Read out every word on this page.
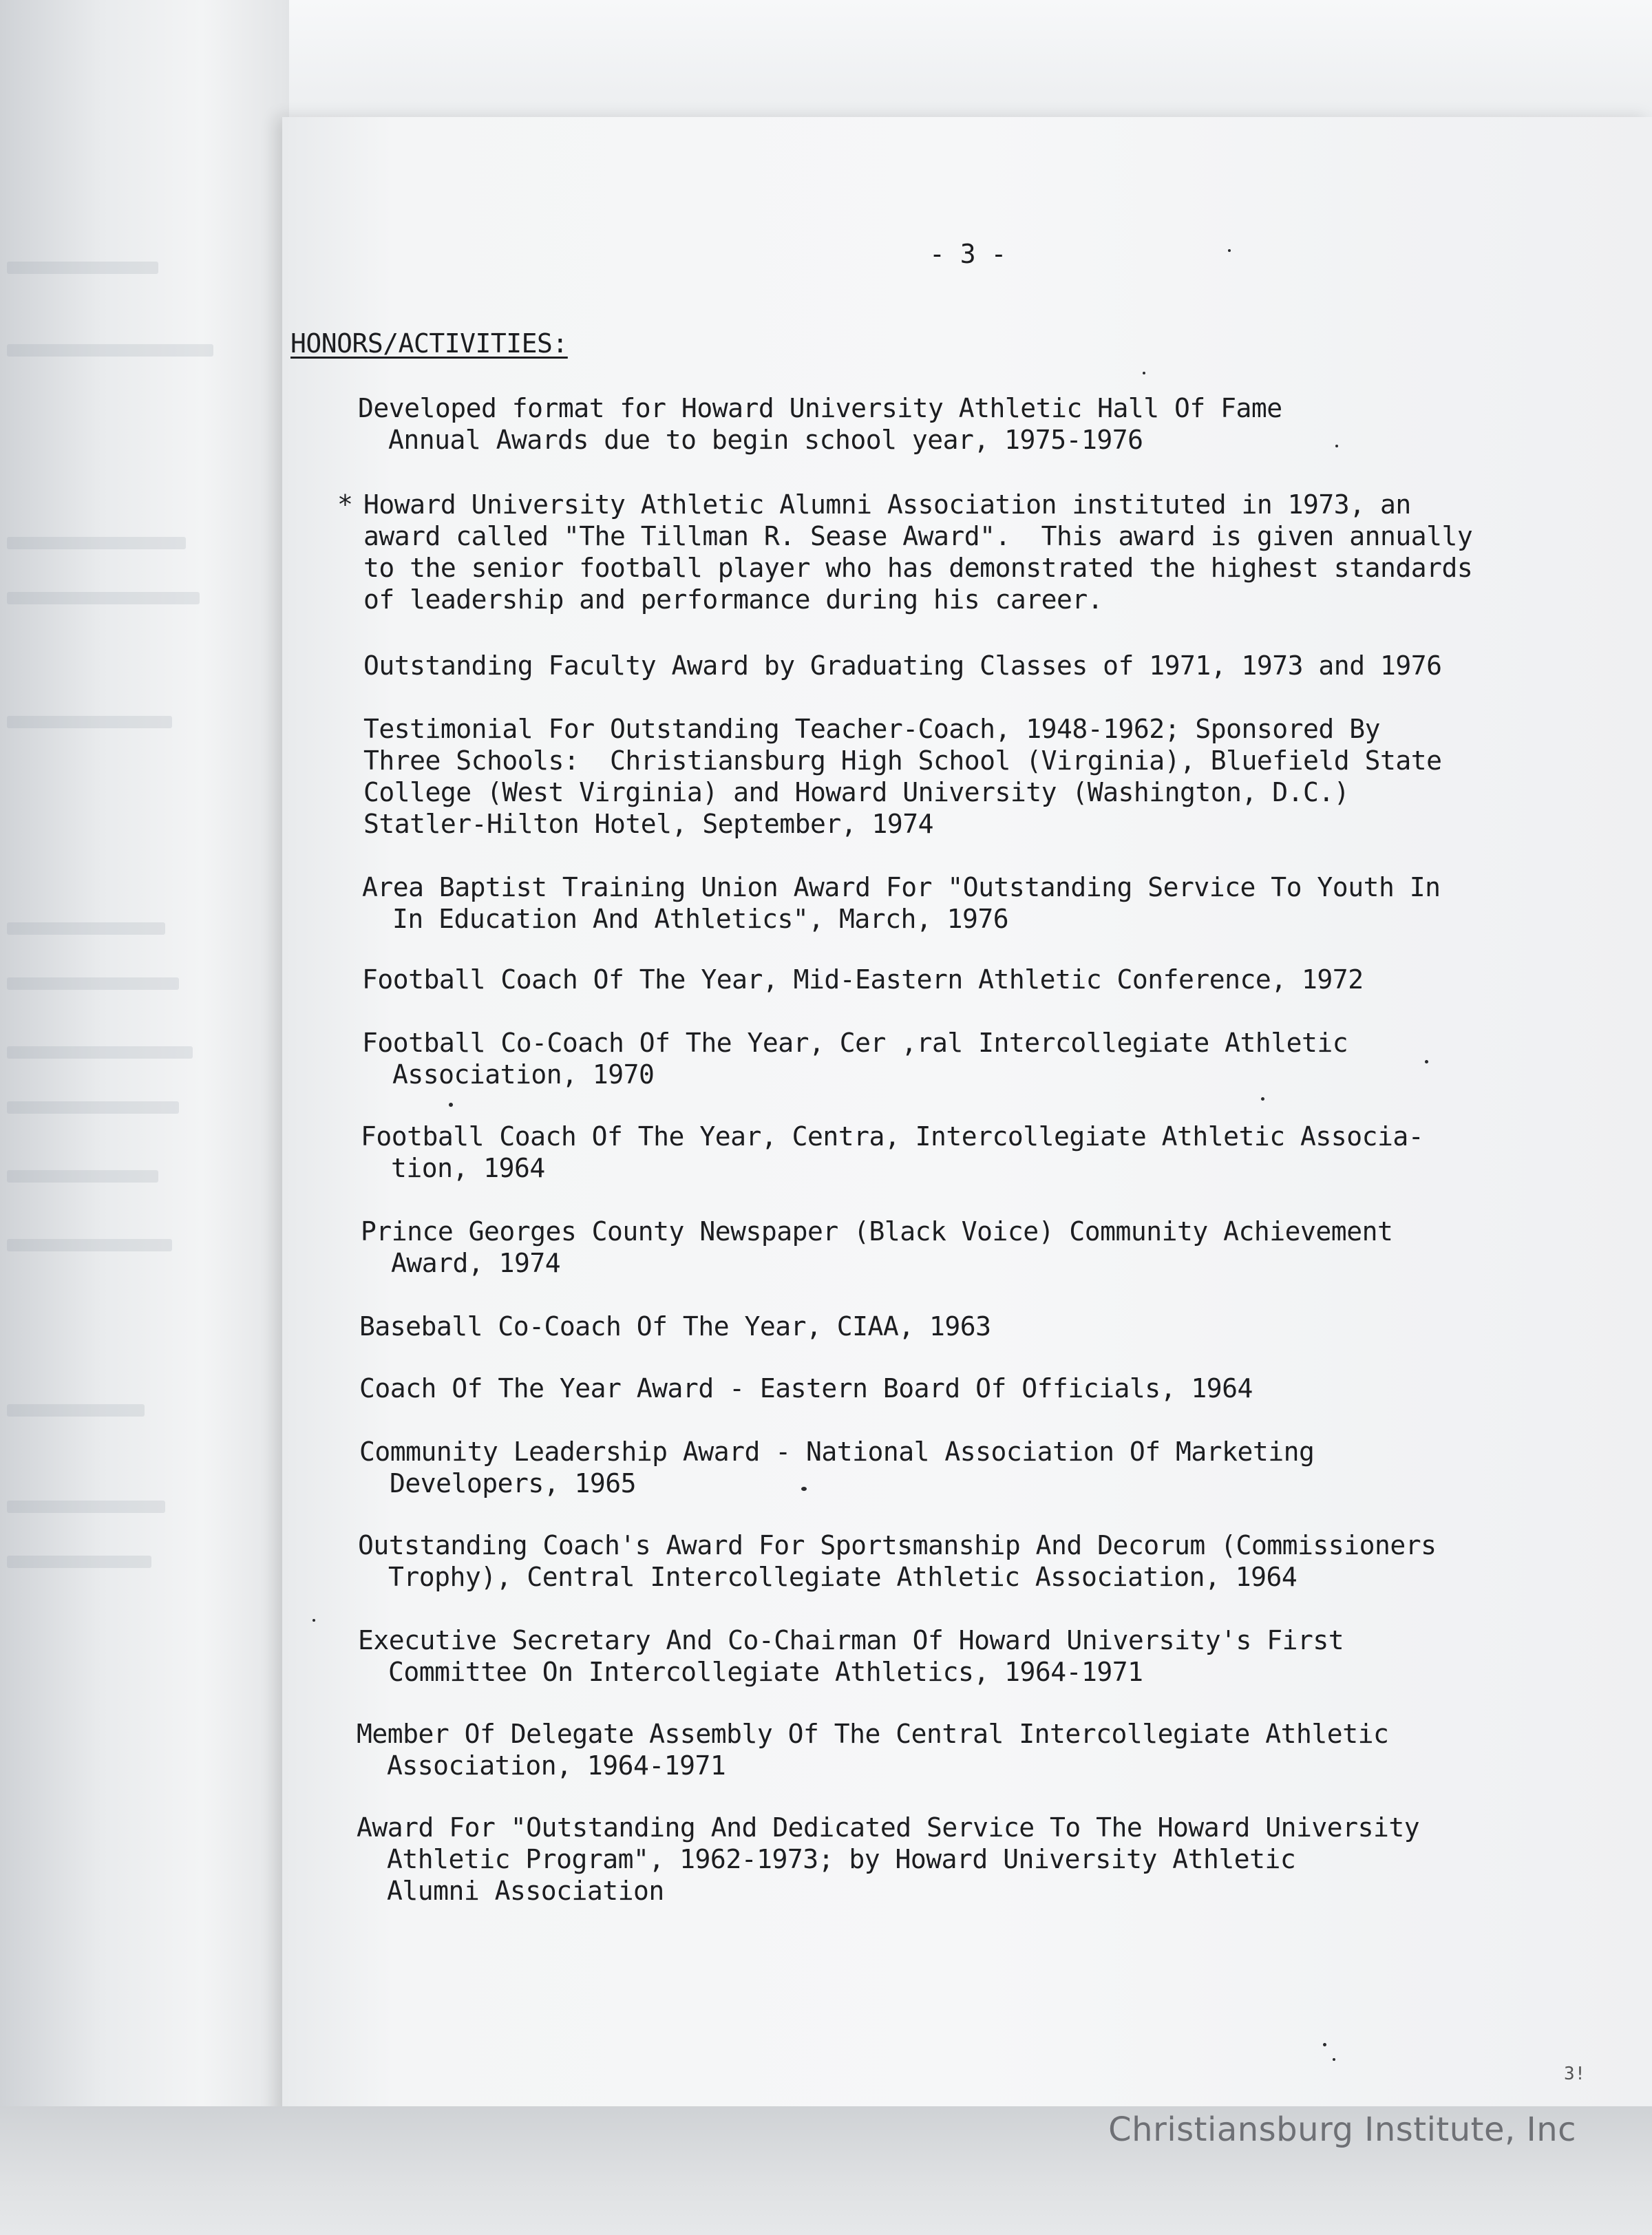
- 3 -
HONORS/ACTIVITIES:
Developed format for Howard University Athletic Hall Of Fame
Annual Awards due to begin school year, 1975-1976
* Howard University Athletic Alumni Association instituted in 1973, an
award called "The Tillman R. Sease Award".  This award is given annually
to the senior football player who has demonstrated the highest standards
of leadership and performance during his career.
Outstanding Faculty Award by Graduating Classes of 1971, 1973 and 1976
Testimonial For Outstanding Teacher-Coach, 1948-1962; Sponsored By
Three Schools:  Christiansburg High School (Virginia), Bluefield State
College (West Virginia) and Howard University (Washington, D.C.)
Statler-Hilton Hotel, September, 1974
Area Baptist Training Union Award For "Outstanding Service To Youth In
In Education And Athletics", March, 1976
Football Coach Of The Year, Mid-Eastern Athletic Conference, 1972
Football Co-Coach Of The Year, Cer ,ral Intercollegiate Athletic
Association, 1970
Football Coach Of The Year, Centra, Intercollegiate Athletic Associa-
tion, 1964
Prince Georges County Newspaper (Black Voice) Community Achievement
Award, 1974
Baseball Co-Coach Of The Year, CIAA, 1963
Coach Of The Year Award - Eastern Board Of Officials, 1964
Community Leadership Award - National Association Of Marketing
Developers, 1965
Outstanding Coach's Award For Sportsmanship And Decorum (Commissioners
Trophy), Central Intercollegiate Athletic Association, 1964
Executive Secretary And Co-Chairman Of Howard University's First
Committee On Intercollegiate Athletics, 1964-1971
Member Of Delegate Assembly Of The Central Intercollegiate Athletic
Association, 1964-1971
Award For "Outstanding And Dedicated Service To The Howard University
Athletic Program", 1962-1973; by Howard University Athletic
Alumni Association
3!
Christiansburg Institute, Inc
